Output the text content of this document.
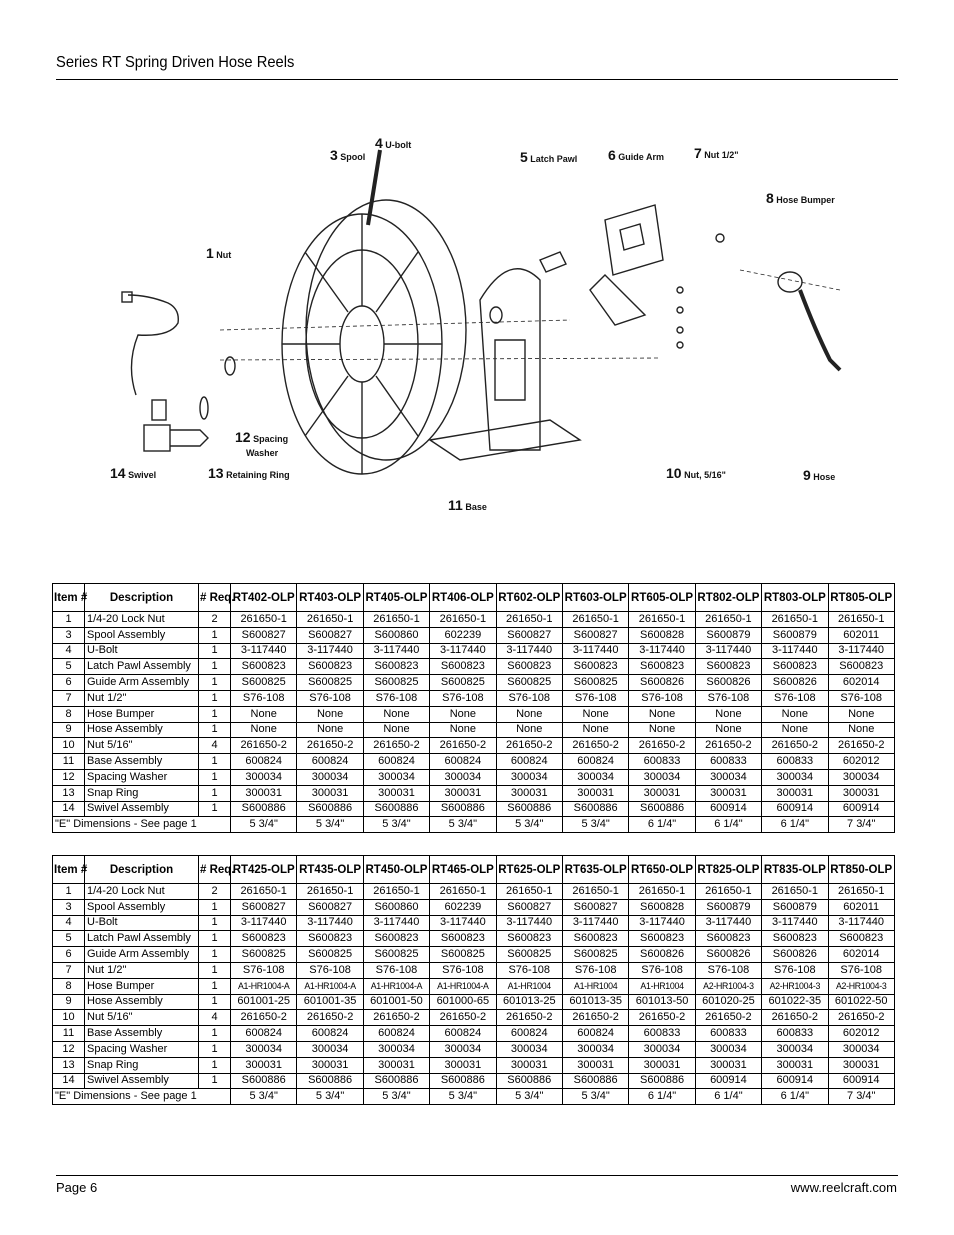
Series RT Spring Driven Hose Reels
3 Spool
4 U-bolt
5 Latch Pawl 6 Guide Arm 7 Nut 1/2"
8 Hose Bumper
1 Nut
12 Spacing
Washer
14 Swivel	13 Retaining Ring	10 Nut, 5/16"	9 Hose
11 Base
Item #	Description	# Req.	RT402-OLP	RT403-OLP	RT405-OLP	RT406-OLP	RT602-OLP	RT603-OLP	RT605-OLP	RT802-OLP	RT803-OLP	RT805-OLP
1	1/4-20 Lock Nut	2	261650-1	261650-1	261650-1	261650-1	261650-1	261650-1	261650-1	261650-1	261650-1	261650-1
3	Spool Assembly	1	S600827	S600827	S600860	602239	S600827	S600827	S600828	S600879	S600879	602011
4	U-Bolt	1	3-117440	3-117440	3-117440	3-117440	3-117440	3-117440	3-117440	3-117440	3-117440	3-117440
5	Latch Pawl Assembly	1	S600823	S600823	S600823	S600823	S600823	S600823	S600823	S600823	S600823	S600823
6	Guide Arm Assembly	1	S600825	S600825	S600825	S600825	S600825	S600825	S600826	S600826	S600826	602014
7	Nut 1/2"	1	S76-108	S76-108	S76-108	S76-108	S76-108	S76-108	S76-108	S76-108	S76-108	S76-108
8	Hose Bumper	1	None	None	None	None	None	None	None	None	None	None
9	Hose Assembly	1	None	None	None	None	None	None	None	None	None	None
10	Nut 5/16"	4	261650-2	261650-2	261650-2	261650-2	261650-2	261650-2	261650-2	261650-2	261650-2	261650-2
11	Base Assembly	1	600824	600824	600824	600824	600824	600824	600833	600833	600833	602012
12	Spacing Washer	1	300034	300034	300034	300034	300034	300034	300034	300034	300034	300034
13	Snap Ring	1	300031	300031	300031	300031	300031	300031	300031	300031	300031	300031
14	Swivel Assembly	1	S600886	S600886	S600886	S600886	S600886	S600886	S600886	600914	600914	600914
"E" Dimensions - See page 1			5 3/4"	5 3/4"	5 3/4"	5 3/4"	5 3/4"	5 3/4"	6 1/4"	6 1/4"	6 1/4"	7 3/4"
Item #	Description	# Req.	RT425-OLP	RT435-OLP	RT450-OLP	RT465-OLP	RT625-OLP	RT635-OLP	RT650-OLP	RT825-OLP	RT835-OLP	RT850-OLP
1	1/4-20 Lock Nut	2	261650-1	261650-1	261650-1	261650-1	261650-1	261650-1	261650-1	261650-1	261650-1	261650-1
3	Spool Assembly	1	S600827	S600827	S600860	602239	S600827	S600827	S600828	S600879	S600879	602011
4	U-Bolt	1	3-117440	3-117440	3-117440	3-117440	3-117440	3-117440	3-117440	3-117440	3-117440	3-117440
5	Latch Pawl Assembly	1	S600823	S600823	S600823	S600823	S600823	S600823	S600823	S600823	S600823	S600823
6	Guide Arm Assembly	1	S600825	S600825	S600825	S600825	S600825	S600825	S600826	S600826	S600826	602014
7	Nut 1/2"	1	S76-108	S76-108	S76-108	S76-108	S76-108	S76-108	S76-108	S76-108	S76-108	S76-108
8	Hose Bumper	1	A1-HR1004-A	A1-HR1004-A	A1-HR1004-A	A1-HR1004-A	A1-HR1004	A1-HR1004	A1-HR1004	A2-HR1004-3	A2-HR1004-3	A2-HR1004-3
9	Hose Assembly	1	601001-25	601001-35	601001-50	601000-65	601013-25	601013-35	601013-50	601020-25	601022-35	601022-50
10	Nut 5/16"	4	261650-2	261650-2	261650-2	261650-2	261650-2	261650-2	261650-2	261650-2	261650-2	261650-2
11	Base Assembly	1	600824	600824	600824	600824	600824	600824	600833	600833	600833	602012
12	Spacing Washer	1	300034	300034	300034	300034	300034	300034	300034	300034	300034	300034
13	Snap Ring	1	300031	300031	300031	300031	300031	300031	300031	300031	300031	300031
14	Swivel Assembly	1	S600886	S600886	S600886	S600886	S600886	S600886	S600886	600914	600914	600914
"E" Dimensions - See page 1			5 3/4"	5 3/4"	5 3/4"	5 3/4"	5 3/4"	5 3/4"	6 1/4"	6 1/4"	6 1/4"	7 3/4"
Page 6	www.reelcraft.com
